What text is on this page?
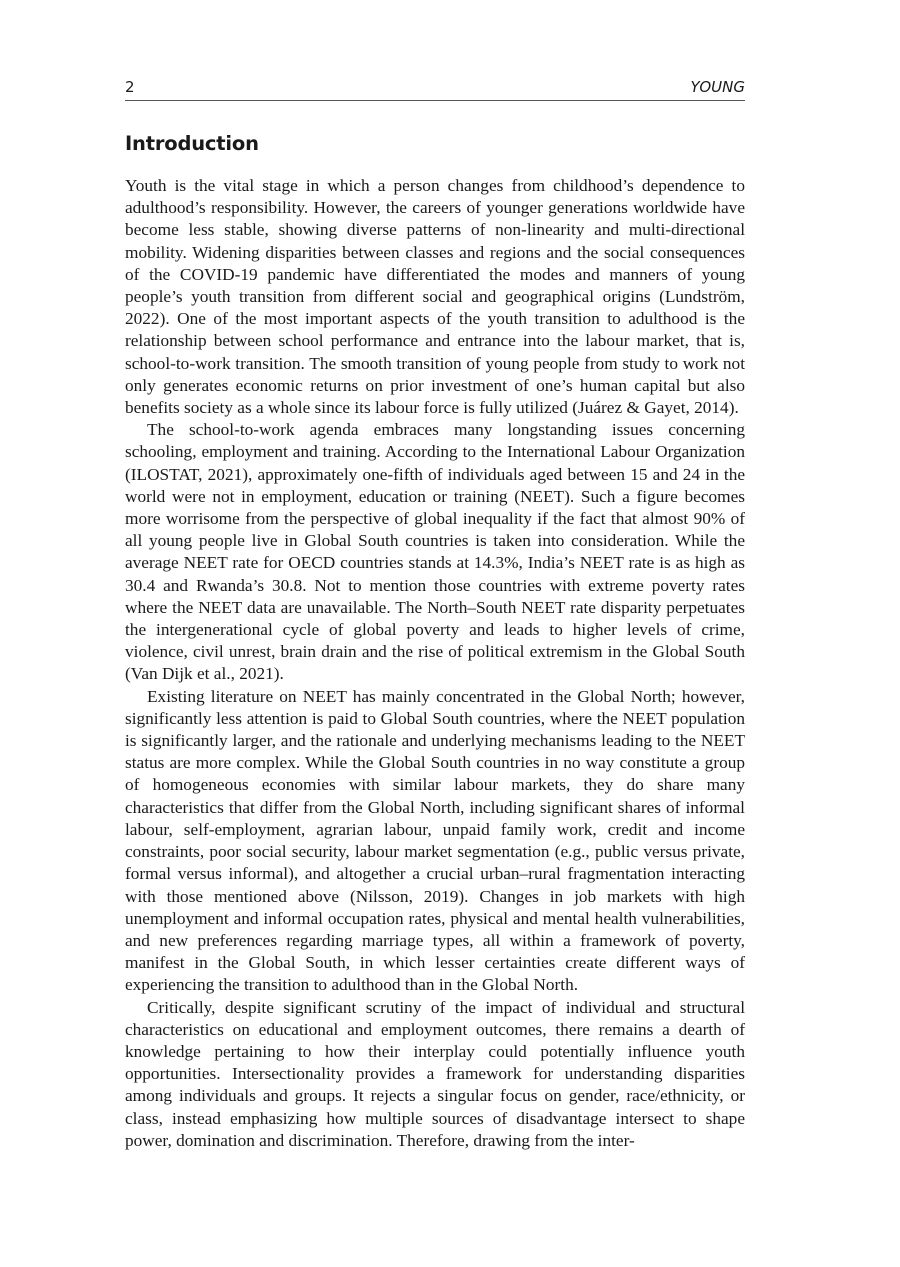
2	YOUNG
Introduction

Youth is the vital stage in which a person changes from childhood’s dependence to adulthood’s responsibility. However, the careers of younger generations worldwide have become less stable, showing diverse patterns of non-linearity and multi-directional mobility. Widening disparities between classes and regions and the social consequences of the COVID-19 pandemic have differentiated the modes and manners of young people’s youth transition from different social and geographical origins (Lundström, 2022). One of the most important aspects of the youth transition to adulthood is the relationship between school performance and entrance into the labour market, that is, school-to-work transition. The smooth transition of young people from study to work not only generates economic returns on prior investment of one’s human capital but also benefits society as a whole since its labour force is fully utilized (Juárez & Gayet, 2014).

The school-to-work agenda embraces many longstanding issues concerning schooling, employment and training. According to the International Labour Organization (ILOSTAT, 2021), approximately one-fifth of individuals aged between 15 and 24 in the world were not in employment, education or training (NEET). Such a figure becomes more worrisome from the perspective of global inequality if the fact that almost 90% of all young people live in Global South countries is taken into consideration. While the average NEET rate for OECD countries stands at 14.3%, India’s NEET rate is as high as 30.4 and Rwanda’s 30.8. Not to mention those countries with extreme poverty rates where the NEET data are unavailable. The North–South NEET rate disparity perpetuates the intergenerational cycle of global poverty and leads to higher levels of crime, violence, civil unrest, brain drain and the rise of political extremism in the Global South (Van Dijk et al., 2021).

Existing literature on NEET has mainly concentrated in the Global North; however, significantly less attention is paid to Global South countries, where the NEET population is significantly larger, and the rationale and underlying mechanisms leading to the NEET status are more complex. While the Global South countries in no way constitute a group of homogeneous economies with similar labour markets, they do share many characteristics that differ from the Global North, including significant shares of informal labour, self-employment, agrarian labour, unpaid family work, credit and income constraints, poor social security, labour market segmentation (e.g., public versus private, formal versus informal), and altogether a crucial urban–rural fragmentation interacting with those mentioned above (Nilsson, 2019). Changes in job markets with high unemployment and informal occupation rates, physical and mental health vulnerabilities, and new preferences regarding marriage types, all within a framework of poverty, manifest in the Global South, in which lesser certainties create different ways of experiencing the transition to adulthood than in the Global North.

Critically, despite significant scrutiny of the impact of individual and structural characteristics on educational and employment outcomes, there remains a dearth of knowledge pertaining to how their interplay could potentially influence youth opportunities. Intersectionality provides a framework for understanding disparities among individuals and groups. It rejects a singular focus on gender, race/ethnicity, or class, instead emphasizing how multiple sources of disadvantage intersect to shape power, domination and discrimination. Therefore, drawing from the inter-
